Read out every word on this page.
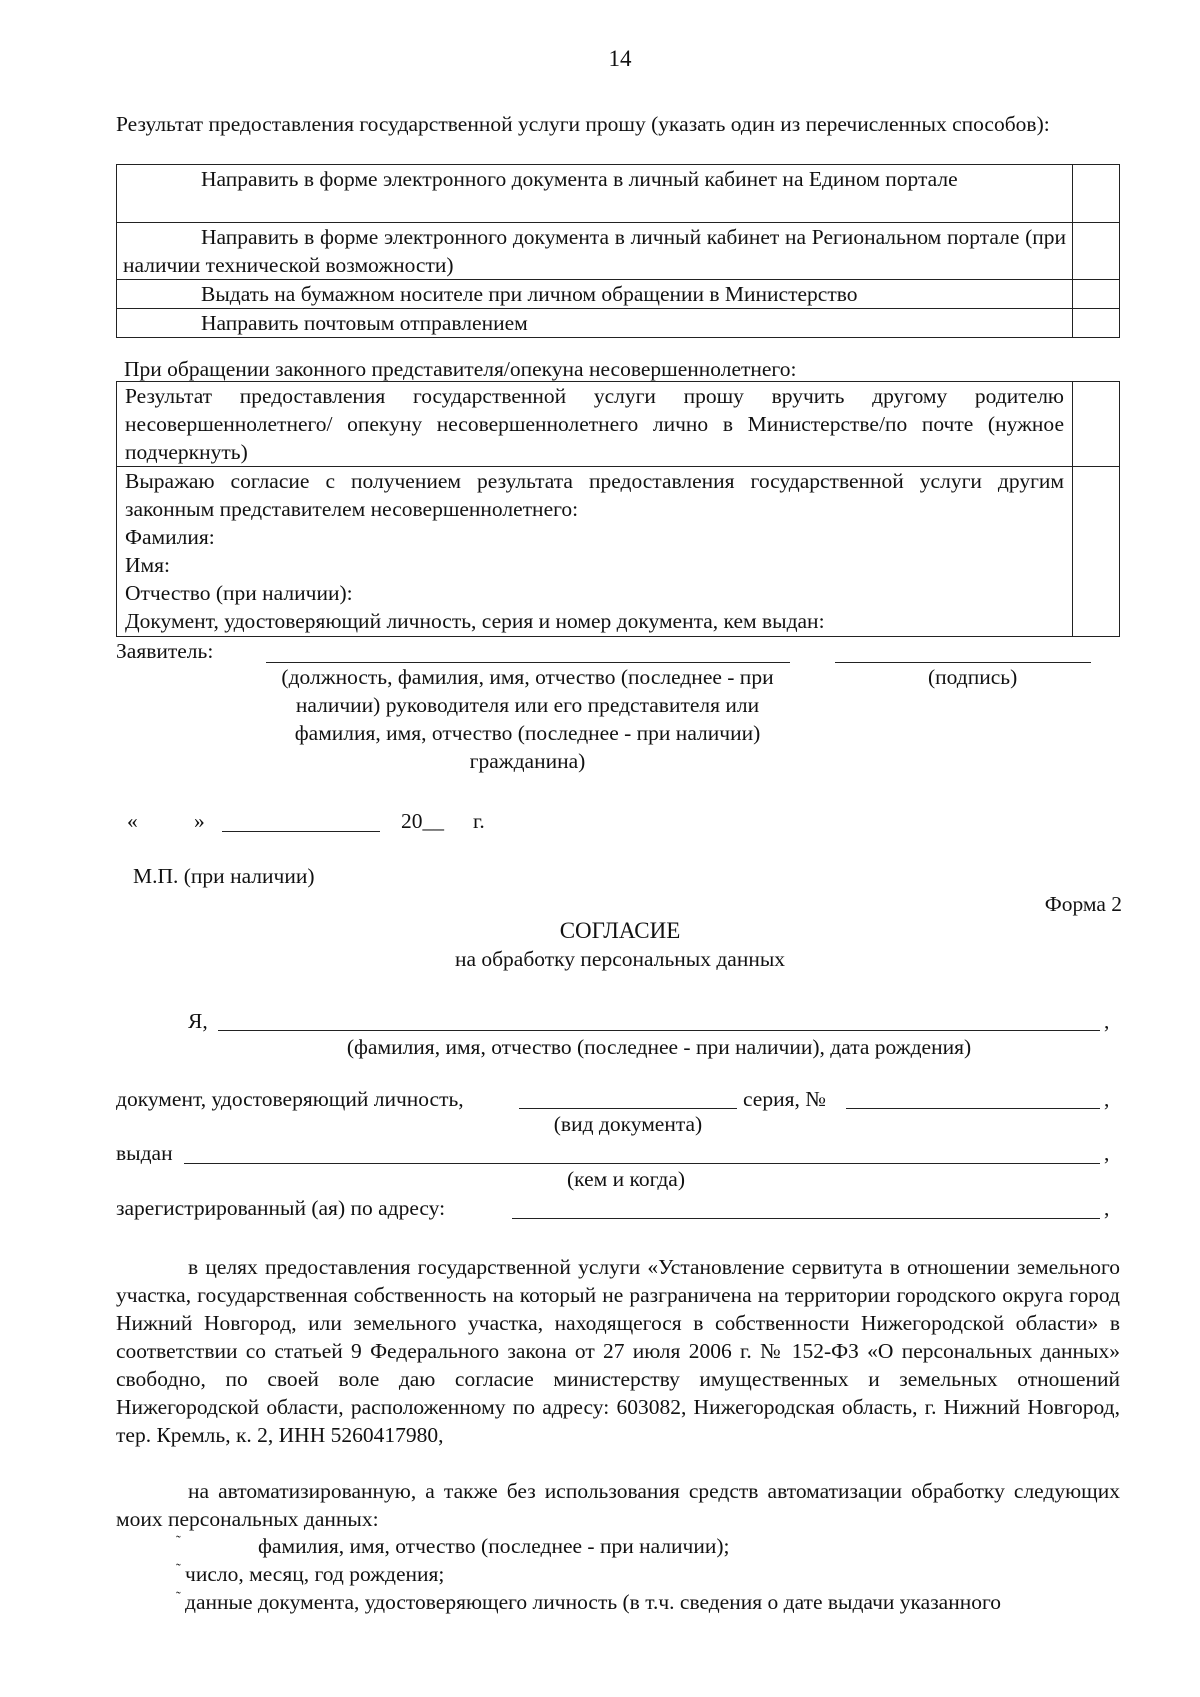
14
Результат предоставления государственной услуги прошу (указать один из перечисленных способов):
Направить в форме электронного документа в личный кабинет на Едином портале	
Направить в форме электронного документа в личный кабинет на Региональном портале (при наличии технической возможности)	
Выдать на бумажном носителе при личном обращении в Министерство	
Направить почтовым отправлением	
При обращении законного представителя/опекуна несовершеннолетнего:
Результат предоставления государственной услуги прошу вручить другому родителю несовершеннолетнего/ опекуну несовершеннолетнего лично в Министерстве/по почте (нужное подчеркнуть)	

Выражаю согласие с получением результата предоставления государственной услуги другим законным представителем несовершеннолетнего:
Фамилия:
Имя:
Отчество (при наличии):
Документ, удостоверяющий личность, серия и номер документа, кем выдан:	

Заявитель:
(должность, фамилия, имя, отчество (последнее - при наличии) руководителя или его представителя или фамилия, имя, отчество (последнее - при наличии) гражданина)
(подпись)
«	»	20__ г.
М.П. (при наличии)
Форма 2
СОГЛАСИЕ
на обработку персональных данных
Я,	,
(фамилия, имя, отчество (последнее - при наличии), дата рождения)
документ, удостоверяющий личность,	серия, №	,
(вид документа)
выдан	,
(кем и когда)
зарегистрированный (ая) по адресу:	,
в целях предоставления государственной услуги «Установление сервитута в отношении земельного участка, государственная собственность на который не разграничена на территории городского округа город Нижний Новгород, или земельного участка, находящегося в собственности Нижегородской области» в соответствии со статьей 9 Федерального закона от 27 июля 2006 г. № 152-ФЗ «О персональных данных» свободно, по своей воле даю согласие министерству имущественных и земельных отношений Нижегородской области, расположенному по адресу: 603082, Нижегородская область, г. Нижний Новгород, тер. Кремль, к. 2, ИНН 5260417980,
на автоматизированную, а также без использования средств автоматизации обработку следующих моих персональных данных:
˜	фамилия, имя, отчество (последнее - при наличии);
˜ число, месяц, год рождения;
˜ данные документа, удостоверяющего личность (в т.ч. сведения о дате выдачи указанного
